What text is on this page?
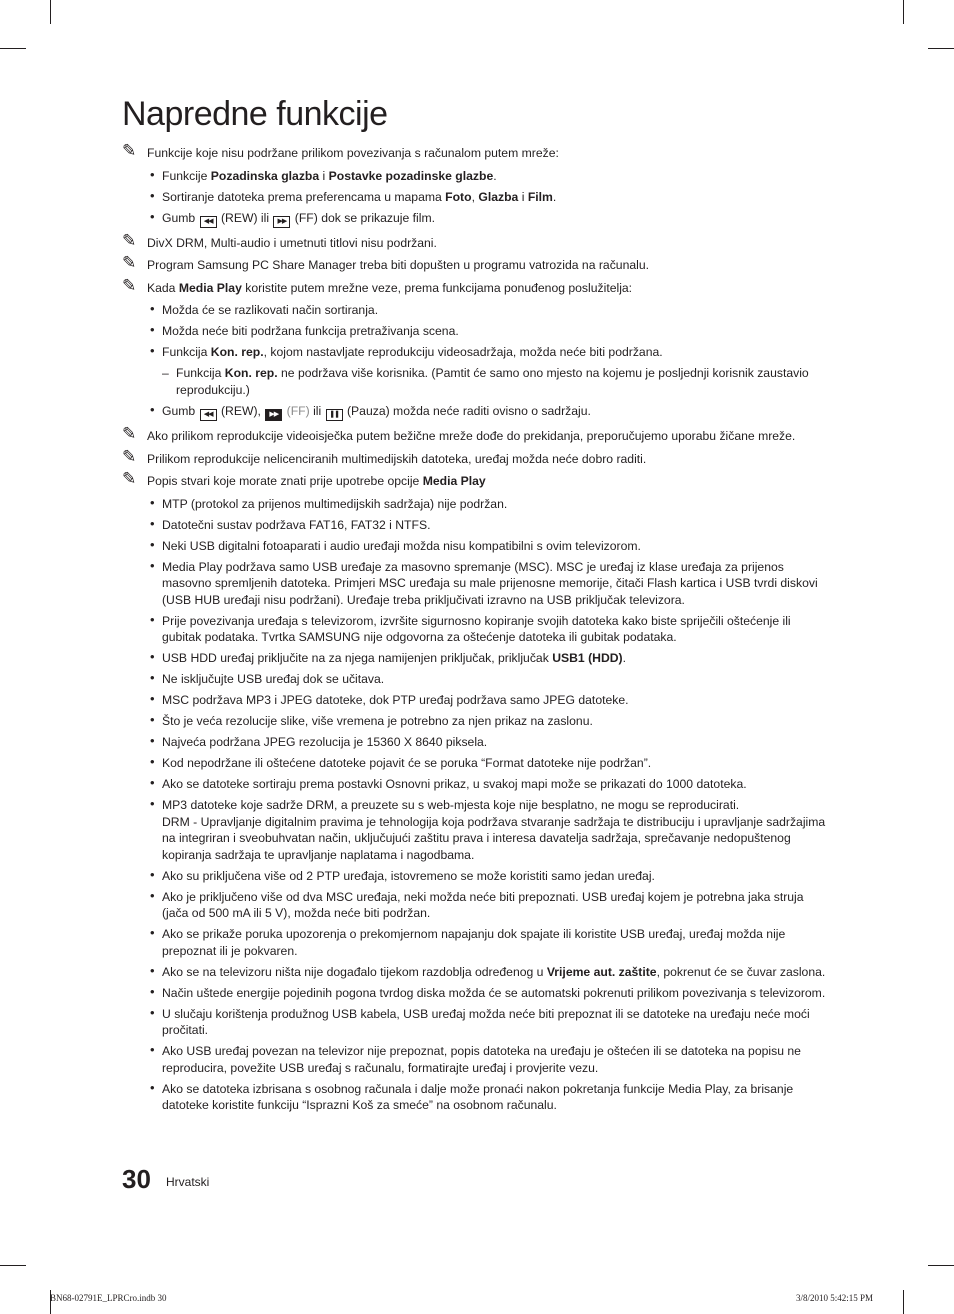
Napredne funkcije
✎ Funkcije koje nisu podržane prilikom povezivanja s računalom putem mreže:
• Funkcije Pozadinska glazba i Postavke pozadinske glazbe.
• Sortiranje datoteka prema preferencama u mapama Foto, Glazba i Film.
• Gumb ◀◀ (REW) ili ▶▶ (FF) dok se prikazuje film.
✎ DivX DRM, Multi-audio i umetnuti titlovi nisu podržani.
✎ Program Samsung PC Share Manager treba biti dopušten u programu vatrozida na računalu.
✎ Kada Media Play koristite putem mrežne veze, prema funkcijama ponuđenog poslužitelja:
• Možda će se razlikovati način sortiranja.
• Možda neće biti podržana funkcija pretraživanja scena.
• Funkcija Kon. rep., kojom nastavljate reprodukciju videosadržaja, možda neće biti podržana.
– Funkcija Kon. rep. ne podržava više korisnika. (Pamtit će samo ono mjesto na kojemu je posljednji korisnik zaustavio reprodukciju.)
• Gumb ◀◀ (REW), ▶▶ (FF) ili ❚❚ (Pauza) možda neće raditi ovisno o sadržaju.
✎ Ako prilikom reprodukcije videoisječka putem bežične mreže dođe do prekidanja, preporučujemo uporabu žičane mreže.
✎ Prilikom reprodukcije nelicenciranih multimedijskih datoteka, uređaj možda neće dobro raditi.
✎ Popis stvari koje morate znati prije upotrebe opcije Media Play
• MTP (protokol za prijenos multimedijskih sadržaja) nije podržan.
• Datotečni sustav podržava FAT16, FAT32 i NTFS.
• Neki USB digitalni fotoaparati i audio uređaji možda nisu kompatibilni s ovim televizorom.
• Media Play podržava samo USB uređaje za masovno spremanje (MSC). MSC je uređaj iz klase uređaja za prijenos masovno spremljenih datoteka. Primjeri MSC uređaja su male prijenosne memorije, čitači Flash kartica i USB tvrdi diskovi (USB HUB uređaji nisu podržani). Uređaje treba priključivati izravno na USB priključak televizora.
• Prije povezivanja uređaja s televizorom, izvršite sigurnosno kopiranje svojih datoteka kako biste spriječili oštećenje ili gubitak podataka. Tvrtka SAMSUNG nije odgovorna za oštećenje datoteka ili gubitak podataka.
• USB HDD uređaj priključite na za njega namijenjen priključak, priključak USB1 (HDD).
• Ne isključujte USB uređaj dok se učitava.
• MSC podržava MP3 i JPEG datoteke, dok PTP uređaj podržava samo JPEG datoteke.
• Što je veća rezolucije slike, više vremena je potrebno za njen prikaz na zaslonu.
• Najveća podržana JPEG rezolucija je 15360 X 8640 piksela.
• Kod nepodržane ili oštećene datoteke pojavit će se poruka “Format datoteke nije podržan”.
• Ako se datoteke sortiraju prema postavki Osnovni prikaz, u svakoj mapi može se prikazati do 1000 datoteka.
• MP3 datoteke koje sadrže DRM, a preuzete su s web-mjesta koje nije besplatno, ne mogu se reproducirati.
DRM - Upravljanje digitalnim pravima je tehnologija koja podržava stvaranje sadržaja te distribuciju i upravljanje sadržajima na integriran i sveobuhvatan način, uključujući zaštitu prava i interesa davatelja sadržaja, sprečavanje nedopuštenog kopiranja sadržaja te upravljanje naplatama i nagodbama.
• Ako su priključena više od 2 PTP uređaja, istovremeno se može koristiti samo jedan uređaj.
• Ako je priključeno više od dva MSC uređaja, neki možda neće biti prepoznati. USB uređaj kojem je potrebna jaka struja (jača od 500 mA ili 5 V), možda neće biti podržan.
• Ako se prikaže poruka upozorenja o prekomjernom napajanju dok spajate ili koristite USB uređaj, uređaj možda nije prepoznat ili je pokvaren.
• Ako se na televizoru ništa nije događalo tijekom razdoblja određenog u Vrijeme aut. zaštite, pokrenut će se čuvar zaslona.
• Način uštede energije pojedinih pogona tvrdog diska možda će se automatski pokrenuti prilikom povezivanja s televizorom.
• U slučaju korištenja produžnog USB kabela, USB uređaj možda neće biti prepoznat ili se datoteke na uređaju neće moći pročitati.
• Ako USB uređaj povezan na televizor nije prepoznat, popis datoteka na uređaju je oštećen ili se datoteka na popisu ne reproducira, povežite USB uređaj s računalu, formatirajte uređaj i provjerite vezu.
• Ako se datoteka izbrisana s osobnog računala i dalje može pronaći nakon pokretanja funkcije Media Play, za brisanje datoteke koristite funkciju “Isprazni Koš za smeće” na osobnom računalu.

30 Hrvatski
BN68-02791E_LPRCro.indb 30	3/8/2010 5:42:15 PM
